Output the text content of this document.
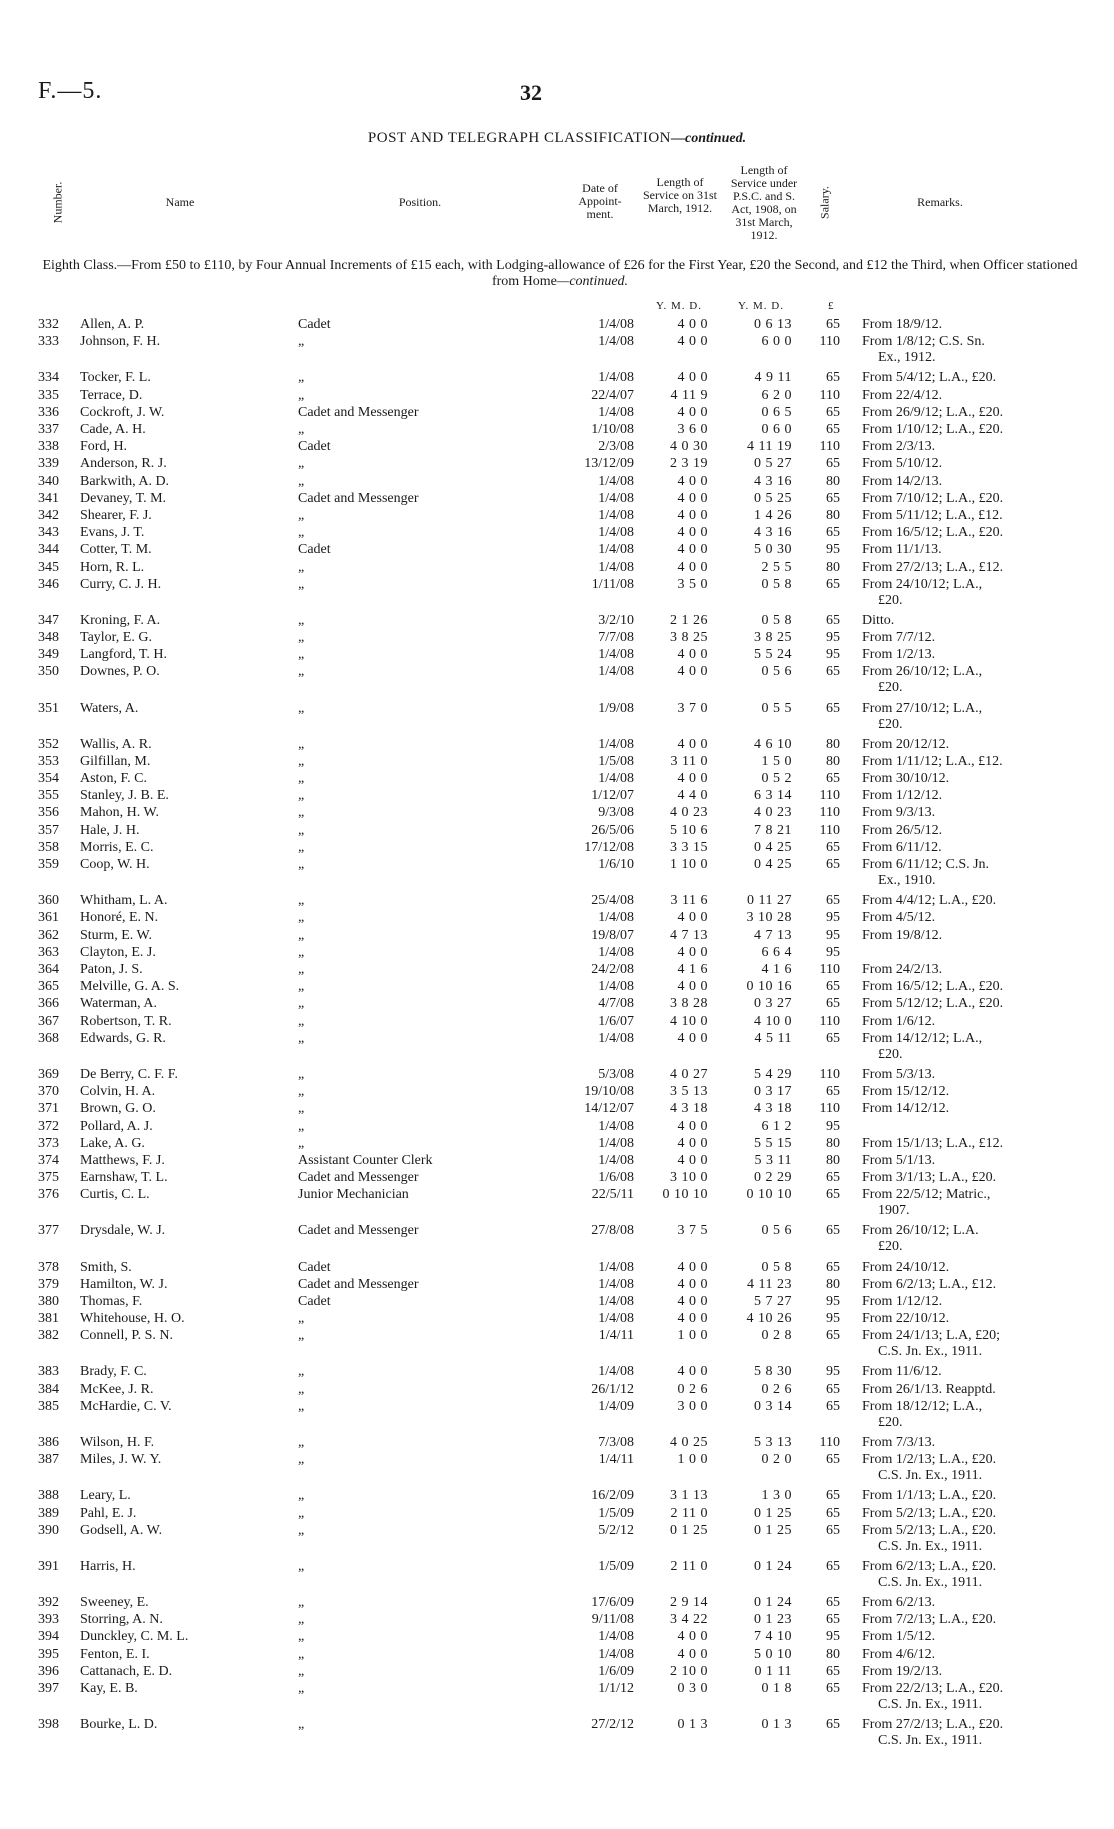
F.—5.	32
POST AND TELEGRAPH CLASSIFICATION—continued.
Number.	Name	Position.
Date of Appoint-ment.
Length of Service on 31st March, 1912.
Length of Service under P.S.C. and S. Act, 1908, on 31st March, 1912.
Salary.	Remarks.
Eighth Class.—From £50 to £110, by Four Annual Increments of £15 each, with Lodging-allowance of £26 for the First Year, £20 the Second, and £12 the Third, when Officer stationed from Home—continued.
Y. M. D.	Y. M. D.	£
332	Allen, A. P.	Cadet	1/4/08	4 0 0	0 6 13	65 From 18/9/12.
333	Johnson, F. H.	„	1/4/08	4 0 0	6 0 0	110 From 1/8/12; C.S. Sn.
Ex., 1912.
334	Tocker, F. L.	„	1/4/08	4 0 0	4 9 11	65 From 5/4/12; L.A., £20.
335	Terrace, D.	„	22/4/07	4 11 9	6 2 0	110 From 22/4/12.
336	Cockroft, J. W.	Cadet and Messenger	1/4/08	4 0 0	0 6 5	65 From 26/9/12; L.A., £20.
337	Cade, A. H.	„	1/10/08	3 6 0	0 6 0	65 From 1/10/12; L.A., £20.
338	Ford, H.	Cadet	2/3/08	4 0 30	4 11 19	110 From 2/3/13.
339	Anderson, R. J.	„	13/12/09	2 3 19	0 5 27	65 From 5/10/12.
340	Barkwith, A. D.	„	1/4/08	4 0 0	4 3 16	80 From 14/2/13.
341	Devaney, T. M.	Cadet and Messenger	1/4/08	4 0 0	0 5 25	65 From 7/10/12; L.A., £20.
342	Shearer, F. J.	„	1/4/08	4 0 0	1 4 26	80 From 5/11/12; L.A., £12.
343	Evans, J. T.	„	1/4/08	4 0 0	4 3 16	65 From 16/5/12; L.A., £20.
344	Cotter, T. M.	Cadet	1/4/08	4 0 0	5 0 30	95 From 11/1/13.
345	Horn, R. L.	„	1/4/08	4 0 0	2 5 5	80 From 27/2/13; L.A., £12.
346	Curry, C. J. H.	„	1/11/08	3 5 0	0 5 8	65 From 24/10/12; L.A.,
£20.
347	Kroning, F. A.	„	3/2/10	2 1 26	0 5 8	65 Ditto.
348	Taylor, E. G.	„	7/7/08	3 8 25	3 8 25	95 From 7/7/12.
349	Langford, T. H.	„	1/4/08	4 0 0	5 5 24	95 From 1/2/13.
350	Downes, P. O.	„	1/4/08	4 0 0	0 5 6	65 From 26/10/12; L.A.,
£20.
351	Waters, A.	„	1/9/08	3 7 0	0 5 5	65 From 27/10/12; L.A.,
£20.
352	Wallis, A. R.	„	1/4/08	4 0 0	4 6 10	80 From 20/12/12.
353	Gilfillan, M.	„	1/5/08	3 11 0	1 5 0	80 From 1/11/12; L.A., £12.
354	Aston, F. C.	„	1/4/08	4 0 0	0 5 2	65 From 30/10/12.
355	Stanley, J. B. E.	„	1/12/07	4 4 0	6 3 14	110 From 1/12/12.
356	Mahon, H. W.	„	9/3/08	4 0 23	4 0 23	110 From 9/3/13.
357	Hale, J. H.	„	26/5/06	5 10 6	7 8 21	110 From 26/5/12.
358	Morris, E. C.	„	17/12/08	3 3 15	0 4 25	65 From 6/11/12.
359	Coop, W. H.	„	1/6/10	1 10 0	0 4 25	65 From 6/11/12; C.S. Jn.
Ex., 1910.
360	Whitham, L. A.	„	25/4/08	3 11 6	0 11 27	65 From 4/4/12; L.A., £20.
361	Honoré, E. N.	„	1/4/08	4 0 0	3 10 28	95 From 4/5/12.
362	Sturm, E. W.	„	19/8/07	4 7 13	4 7 13	95 From 19/8/12.
363	Clayton, E. J.	„	1/4/08	4 0 0	6 6 4	95
364	Paton, J. S.	„	24/2/08	4 1 6	4 1 6	110 From 24/2/13.
365	Melville, G. A. S.	„	1/4/08	4 0 0	0 10 16	65 From 16/5/12; L.A., £20.
366	Waterman, A.	„	4/7/08	3 8 28	0 3 27	65 From 5/12/12; L.A., £20.
367	Robertson, T. R.	„	1/6/07	4 10 0	4 10 0	110 From 1/6/12.
368	Edwards, G. R.	„	1/4/08	4 0 0	4 5 11	65 From 14/12/12; L.A.,
£20.
369	De Berry, C. F. F.	„	5/3/08	4 0 27	5 4 29	110 From 5/3/13.
370	Colvin, H. A.	„	19/10/08	3 5 13	0 3 17	65 From 15/12/12.
371	Brown, G. O.	„	14/12/07	4 3 18	4 3 18	110 From 14/12/12.
372	Pollard, A. J.	„	1/4/08	4 0 0	6 1 2	95
373	Lake, A. G.	„	1/4/08	4 0 0	5 5 15	80 From 15/1/13; L.A., £12.
374	Matthews, F. J.	Assistant Counter Clerk	1/4/08	4 0 0	5 3 11	80 From 5/1/13.
375	Earnshaw, T. L.	Cadet and Messenger	1/6/08	3 10 0	0 2 29	65 From 3/1/13; L.A., £20.
376	Curtis, C. L.	Junior Mechanician	22/5/11	0 10 10	0 10 10	65 From 22/5/12; Matric.,
1907.
377	Drysdale, W. J.	Cadet and Messenger	27/8/08	3 7 5	0 5 6	65 From 26/10/12; L.A.
£20.
378	Smith, S.	Cadet	1/4/08	4 0 0	0 5 8	65 From 24/10/12.
379	Hamilton, W. J.	Cadet and Messenger	1/4/08	4 0 0	4 11 23	80 From 6/2/13; L.A., £12.
380	Thomas, F.	Cadet	1/4/08	4 0 0	5 7 27	95 From 1/12/12.
381	Whitehouse, H. O.	„	1/4/08	4 0 0	4 10 26	95 From 22/10/12.
382	Connell, P. S. N.	„	1/4/11	1 0 0	0 2 8	65 From 24/1/13; L.A, £20;
C.S. Jn. Ex., 1911.
383	Brady, F. C.	„	1/4/08	4 0 0	5 8 30	95 From 11/6/12.
384	McKee, J. R.	„	26/1/12	0 2 6	0 2 6	65 From 26/1/13. Reapptd.
385	McHardie, C. V.	„	1/4/09	3 0 0	0 3 14	65 From 18/12/12; L.A.,
£20.
386	Wilson, H. F.	„	7/3/08	4 0 25	5 3 13	110 From 7/3/13.
387	Miles, J. W. Y.	„	1/4/11	1 0 0	0 2 0	65 From 1/2/13; L.A., £20.
C.S. Jn. Ex., 1911.
388	Leary, L.	„	16/2/09	3 1 13	1 3 0	65 From 1/1/13; L.A., £20.
389	Pahl, E. J.	„	1/5/09	2 11 0	0 1 25	65 From 5/2/13; L.A., £20.
390	Godsell, A. W.	„	5/2/12	0 1 25	0 1 25	65 From 5/2/13; L.A., £20.
C.S. Jn. Ex., 1911.
391	Harris, H.	„	1/5/09	2 11 0	0 1 24	65 From 6/2/13; L.A., £20.
C.S. Jn. Ex., 1911.
392	Sweeney, E.	„	17/6/09	2 9 14	0 1 24	65 From 6/2/13.
393	Storring, A. N.	„	9/11/08	3 4 22	0 1 23	65 From 7/2/13; L.A., £20.
394	Dunckley, C. M. L.	„	1/4/08	4 0 0	7 4 10	95 From 1/5/12.
395	Fenton, E. I.	„	1/4/08	4 0 0	5 0 10	80 From 4/6/12.
396	Cattanach, E. D.	„	1/6/09	2 10 0	0 1 11	65 From 19/2/13.
397	Kay, E. B.	„	1/1/12	0 3 0	0 1 8	65 From 22/2/13; L.A., £20.
C.S. Jn. Ex., 1911.
398	Bourke, L. D.	„	27/2/12	0 1 3	0 1 3	65 From 27/2/13; L.A., £20.
C.S. Jn. Ex., 1911.
